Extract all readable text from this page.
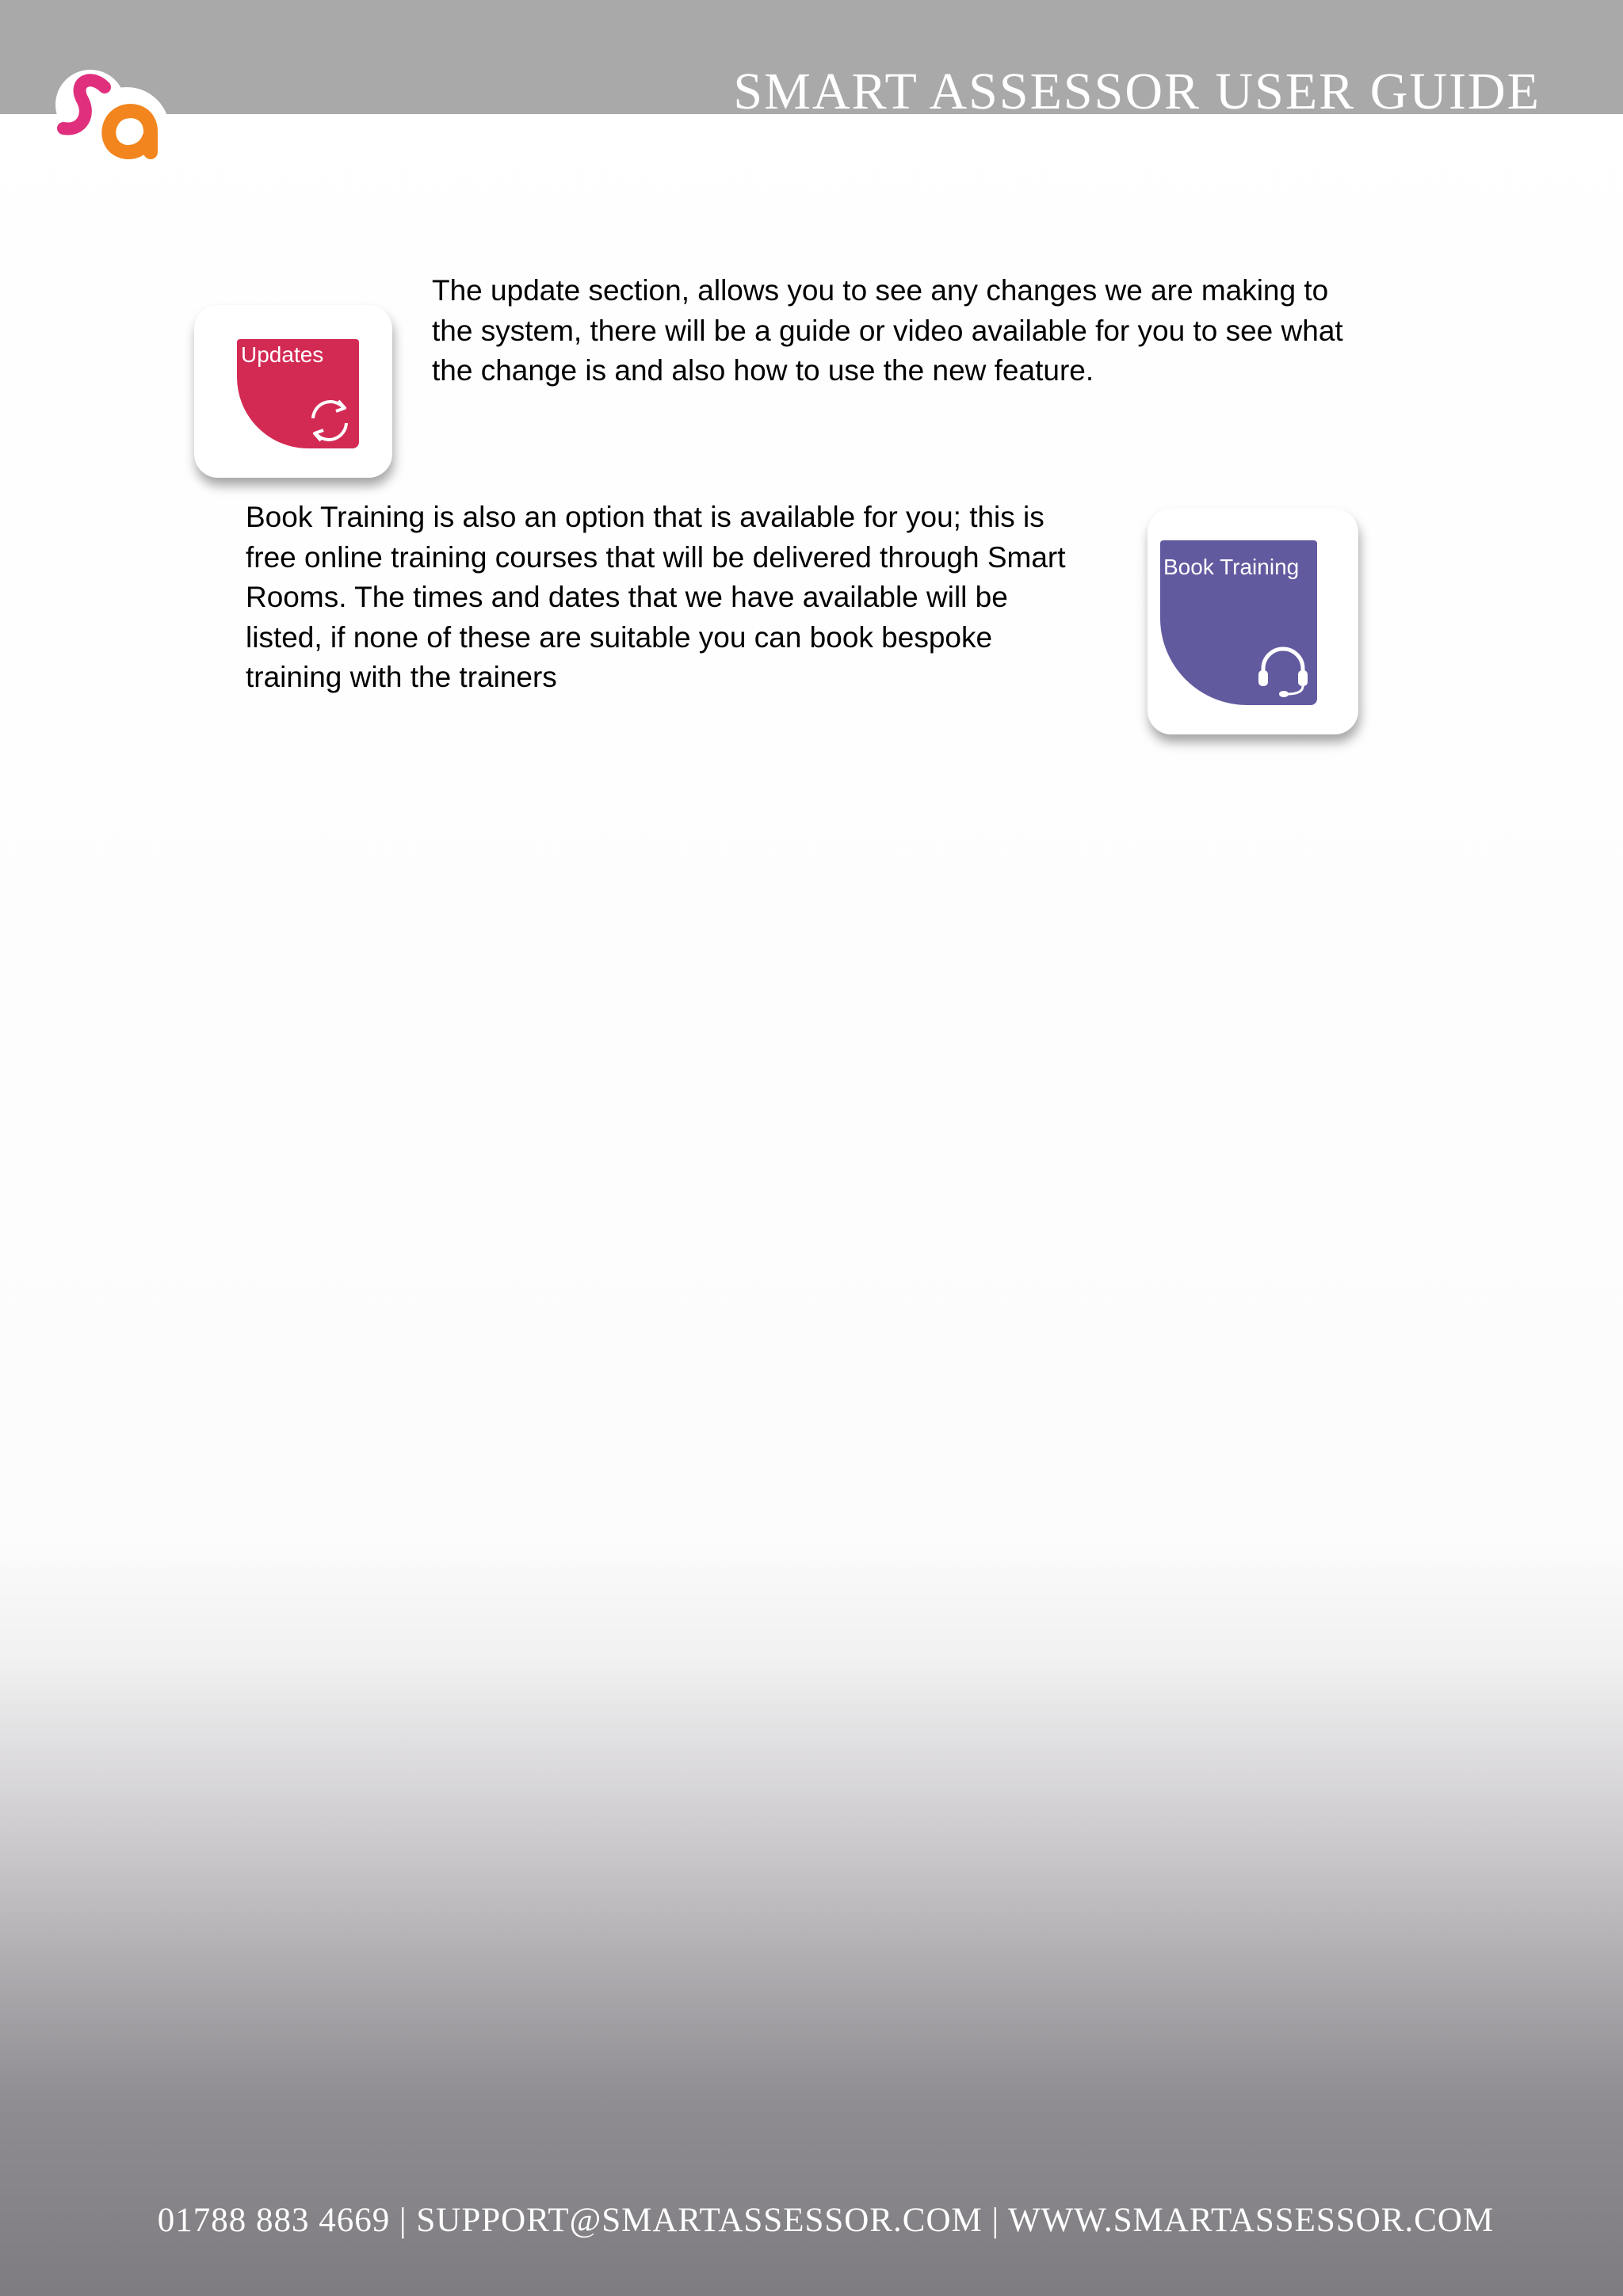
SMART ASSESSOR USER GUIDE
Updates
The update section, allows you to see any changes we are making to
the system, there will be a guide or video available for you to see what
the change is and also how to use the new feature.
Book Training is also an option that is available for you; this is
free online training courses that will be delivered through Smart
Rooms. The times and dates that we have available will be
listed, if none of these are suitable you can book bespoke
training with the trainers
Book Training
01788 883 4669 | SUPPORT@SMARTASSESSOR.COM | WWW.SMARTASSESSOR.COM
